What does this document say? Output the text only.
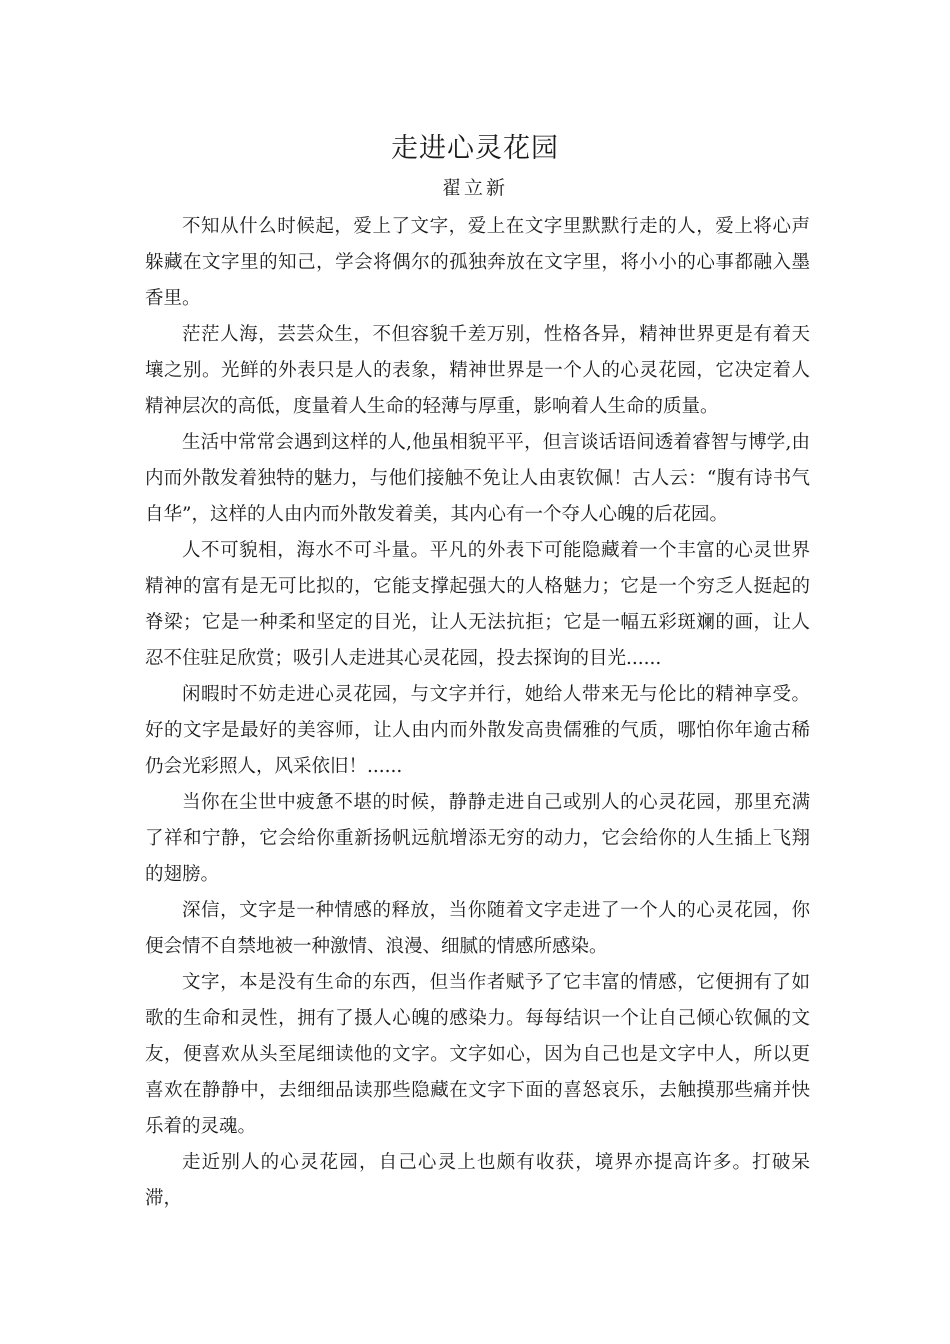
走进心灵花园
翟立新

不知从什么时候起，爱上了文字，爱上在文字里默默行走的人，爱上将心声躲藏在文字里的知己，学会将偶尔的孤独奔放在文字里，将小小的心事都融入墨香里。

茫茫人海，芸芸众生，不但容貌千差万别，性格各异，精神世界更是有着天壤之别。光鲜的外表只是人的表象，精神世界是一个人的心灵花园，它决定着人精神层次的高低，度量着人生命的轻薄与厚重，影响着人生命的质量。

生活中常常会遇到这样的人,他虽相貌平平，但言谈话语间透着睿智与博学,由内而外散发着独特的魅力，与他们接触不免让人由衷钦佩！古人云：“腹有诗书气自华”，这样的人由内而外散发着美，其内心有一个夺人心魄的后花园。

人不可貌相，海水不可斗量。平凡的外表下可能隐藏着一个丰富的心灵世界精神的富有是无可比拟的，它能支撑起强大的人格魅力；它是一个穷乏人挺起的脊梁；它是一种柔和坚定的目光，让人无法抗拒；它是一幅五彩斑斓的画，让人忍不住驻足欣赏；吸引人走进其心灵花园，投去探询的目光......

闲暇时不妨走进心灵花园，与文字并行，她给人带来无与伦比的精神享受。好的文字是最好的美容师，让人由内而外散发高贵儒雅的气质，哪怕你年逾古稀仍会光彩照人，风采依旧！......

当你在尘世中疲惫不堪的时候，静静走进自己或别人的心灵花园，那里充满了祥和宁静，它会给你重新扬帆远航增添无穷的动力，它会给你的人生插上飞翔的翅膀。

深信，文字是一种情感的释放，当你随着文字走进了一个人的心灵花园，你便会情不自禁地被一种激情、浪漫、细腻的情感所感染。

文字，本是没有生命的东西，但当作者赋予了它丰富的情感，它便拥有了如歌的生命和灵性，拥有了摄人心魄的感染力。每每结识一个让自己倾心钦佩的文友，便喜欢从头至尾细读他的文字。文字如心，因为自己也是文字中人，所以更喜欢在静静中，去细细品读那些隐藏在文字下面的喜怒哀乐，去触摸那些痛并快乐着的灵魂。

走近别人的心灵花园，自己心灵上也颇有收获，境界亦提高许多。打破呆滞，
